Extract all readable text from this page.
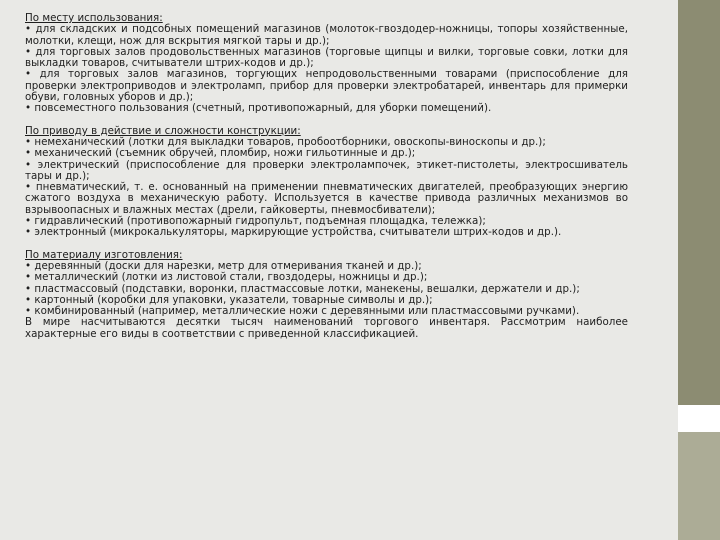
По месту использования:

• для складских и подсобных помещений магазинов (молоток-гвоздодер-ножницы, топоры хозяйственные, молотки, клещи, нож для вскрытия мягкой тары и др.);

• для торговых залов продовольственных магазинов (торговые щипцы и вилки, торговые совки, лотки для выкладки товаров, считыватели штрих-кодов и др.);

• для торговых залов магазинов, торгующих непродовольственными товарами (приспособление для проверки электроприводов и электроламп, прибор для проверки электробатарей, инвентарь для примерки обуви, головных уборов и др.);

• повсеместного пользования (счетный, противопожарный, для уборки помещений).

По приводу в действие и сложности конструкции:

• немеханический (лотки для выкладки товаров, пробоотборники, овоскопы-виноскопы и др.);

• механический (съемник обручей, пломбир, ножи гильотинные и др.);

• электрический (приспособление для проверки электролампочек, этикет-пистолеты, электросшиватель тары и др.);

• пневматический, т. е. основанный на применении пневматических двигателей, преобразующих энергию сжатого воздуха в механическую работу. Используется в качестве привода различных механизмов во взрывоопасных и влажных местах (дрели, гайковерты, пневмосбиватели);

• гидравлический (противопожарный гидропульт, подъемная площадка, тележка);

• электронный (микрокалькуляторы, маркирующие устройства, считыватели штрих-кодов и др.).

По материалу изготовления:

• деревянный (доски для нарезки, метр для отмеривания тканей и др.);

• металлический (лотки из листовой стали, гвоздодеры, ножницы и др.);

• пластмассовый (подставки, воронки, пластмассовые лотки, манекены, вешалки, держатели и др.);

• картонный (коробки для упаковки, указатели, товарные символы и др.);

• комбинированный (например, металлические ножи с деревянными или пластмассовыми ручками).

В мире насчитываются десятки тысяч наименований торгового инвентаря. Рассмотрим наиболее характерные его виды в соответствии с приведенной классификацией.
